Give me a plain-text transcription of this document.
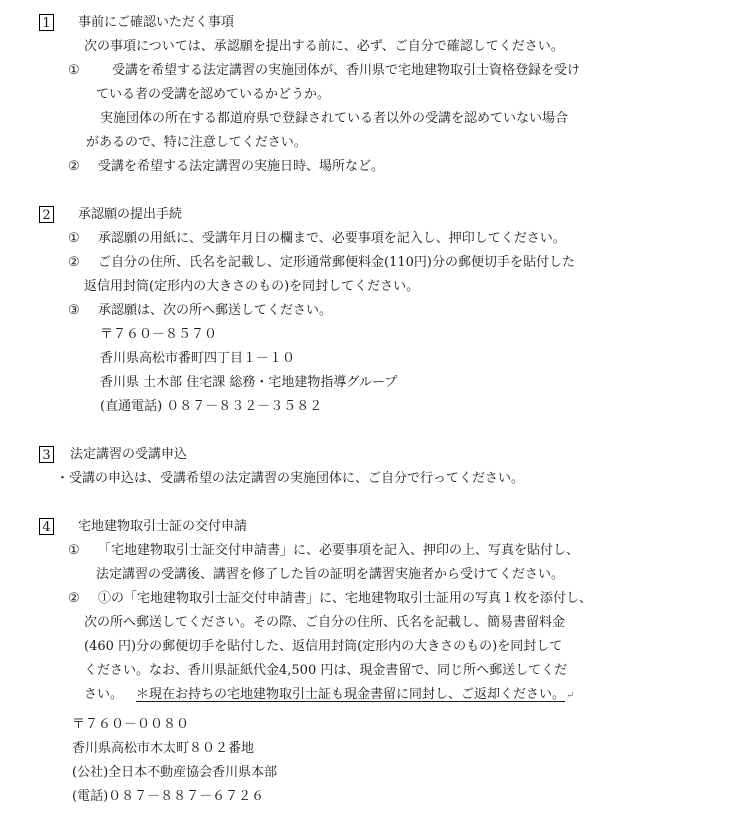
1 事前にご確認いただく事項
次の事項については、承認願を提出する前に、必ず、ご自分で確認してください。
① 受講を希望する法定講習の実施団体が、香川県で宅地建物取引士資格登録を受け
ている者の受講を認めているかどうか。
実施団体の所在する都道府県で登録されている者以外の受講を認めていない場合
があるので、特に注意してください。
② 受講を希望する法定講習の実施日時、場所など。
2 承認願の提出手続
① 承認願の用紙に、受講年月日の欄まで、必要事項を記入し、押印してください。
② ご自分の住所、氏名を記載し、定形通常郵便料金(110円)分の郵便切手を貼付した
返信用封筒(定形内の大きさのもの)を同封してください。
③ 承認願は、次の所へ郵送してください。
〒７６０－８５７０
香川県高松市番町四丁目１－１０
香川県 土木部 住宅課 総務・宅地建物指導グループ
(直通電話) ０８７－８３２－３５８２
3 法定講習の受講申込
・受講の申込は、受講希望の法定講習の実施団体に、ご自分で行ってください。
4 宅地建物取引士証の交付申請
① 「宅地建物取引士証交付申請書」に、必要事項を記入、押印の上、写真を貼付し、
法定講習の受講後、講習を修了した旨の証明を講習実施者から受けてください。
② ①の「宅地建物取引士証交付申請書」に、宅地建物取引士証用の写真１枚を添付し、
次の所へ郵送してください。その際、ご自分の住所、氏名を記載し、簡易書留料金
(460 円)分の郵便切手を貼付した、返信用封筒(定形内の大きさのもの)を同封して
ください。なお、香川県証紙代金4,500 円は、現金書留で、同じ所へ郵送してくだ
さい。 ＊現在お持ちの宅地建物取引士証も現金書留に同封し、ご返却ください。↵
〒７６０－００８０
香川県高松市木太町８０２番地
(公社)全日本不動産協会香川県本部
(電話)０８７－８８７－６７２６
